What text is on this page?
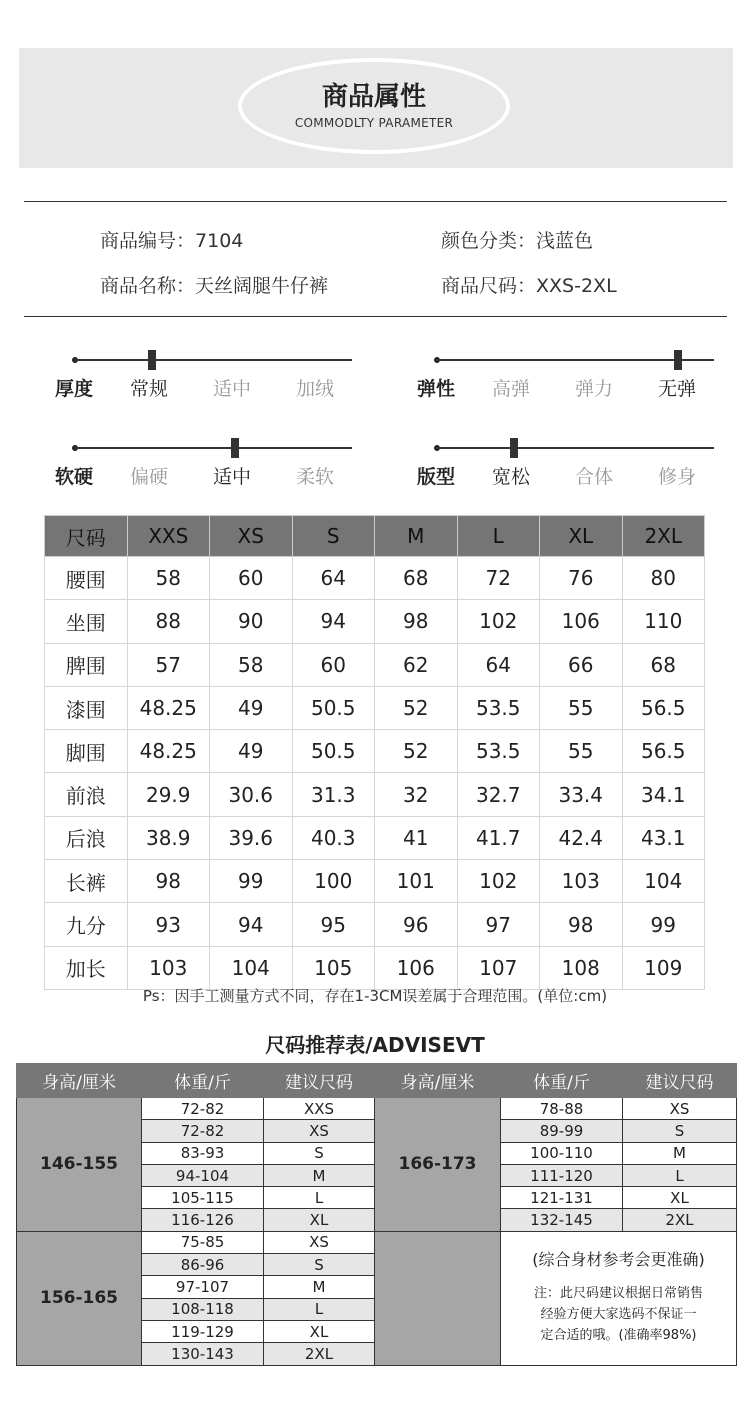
商品属性
COMMODLTY PARAMETER
商品编号：7104	颜色分类：浅蓝色
商品名称：天丝阔腿牛仔裤	商品尺码：XXS-2XL
厚度 常规 适中 加绒	弹性 高弹 弹力 无弹
软硬 偏硬 适中 柔软	版型 宽松 合体 修身
尺码	XXS	XS	S	M	L	XL	2XL
腰围	58	60	64	68	72	76	80
坐围	88	90	94	98	102	106	110
脾围	57	58	60	62	64	66	68
漆围	48.25	49	50.5	52	53.5	55	56.5
脚围	48.25	49	50.5	52	53.5	55	56.5
前浪	29.9	30.6	31.3	32	32.7	33.4	34.1
后浪	38.9	39.6	40.3	41	41.7	42.4	43.1
长裤	98	99	100	101	102	103	104
九分	93	94	95	96	97	98	99
加长	103	104	105	106	107	108	109
Ps：因手工测量方式不同，存在1-3CM误差属于合理范围。(单位:cm)
尺码推荐表/ADVISEVT
身高/厘米	体重/斤	建议尺码	身高/厘米	体重/斤	建议尺码
146-155	72-82	XXS	166-173	78-88	XS
	72-82	XS		89-99	S
	83-93	S		100-110	M
	94-104	M		111-120	L
	105-115	L		121-131	XL
	116-126	XL		132-145	2XL
156-165	75-85	XS		(综合身材参考会更准确)
注：此尺码建议根据日常销售
经验方便大家选码不保证一
定合适的哦。(准确率98%)	

	86-96	S			
	97-107	M			
	108-118	L			
	119-129	XL			
	130-143	2XL			
